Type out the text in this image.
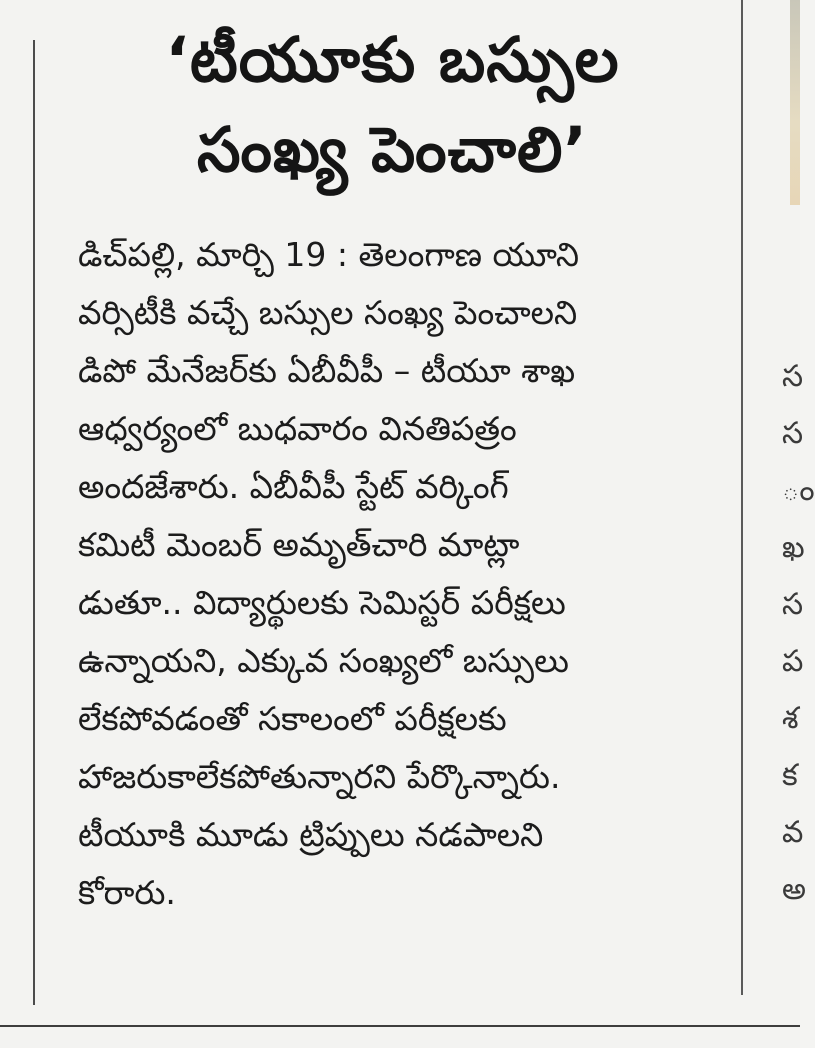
‘టీయూకు బస్సుల
సంఖ్య పెంచాలి’
డిచ్‌పల్లి, మార్చి 19 : తెలంగాణ యూని
వర్సిటీకి వచ్చే బస్సుల సంఖ్య పెంచాలని
డిపో మేనేజర్‌కు ఏబీవీపీ – టీయూ శాఖ
ఆధ్వర్యంలో బుధవారం వినతిపత్రం
అందజేశారు. ఏబీవీపీ స్టేట్ వర్కింగ్
కమిటీ మెంబర్ అమృత్‌చారి మాట్లా
డుతూ.. విద్యార్థులకు సెమిస్టర్ పరీక్షలు
ఉన్నాయని, ఎక్కువ సంఖ్యలో బస్సులు
లేకపోవడంతో సకాలంలో పరీక్షలకు
హాజరుకాలేకపోతున్నారని పేర్కొన్నారు.
టీయూకి మూడు ట్రిప్పులు నడపాలని
కోరారు.
స
స
ం
ఖ
స
ప
శ
క
వ
అ
